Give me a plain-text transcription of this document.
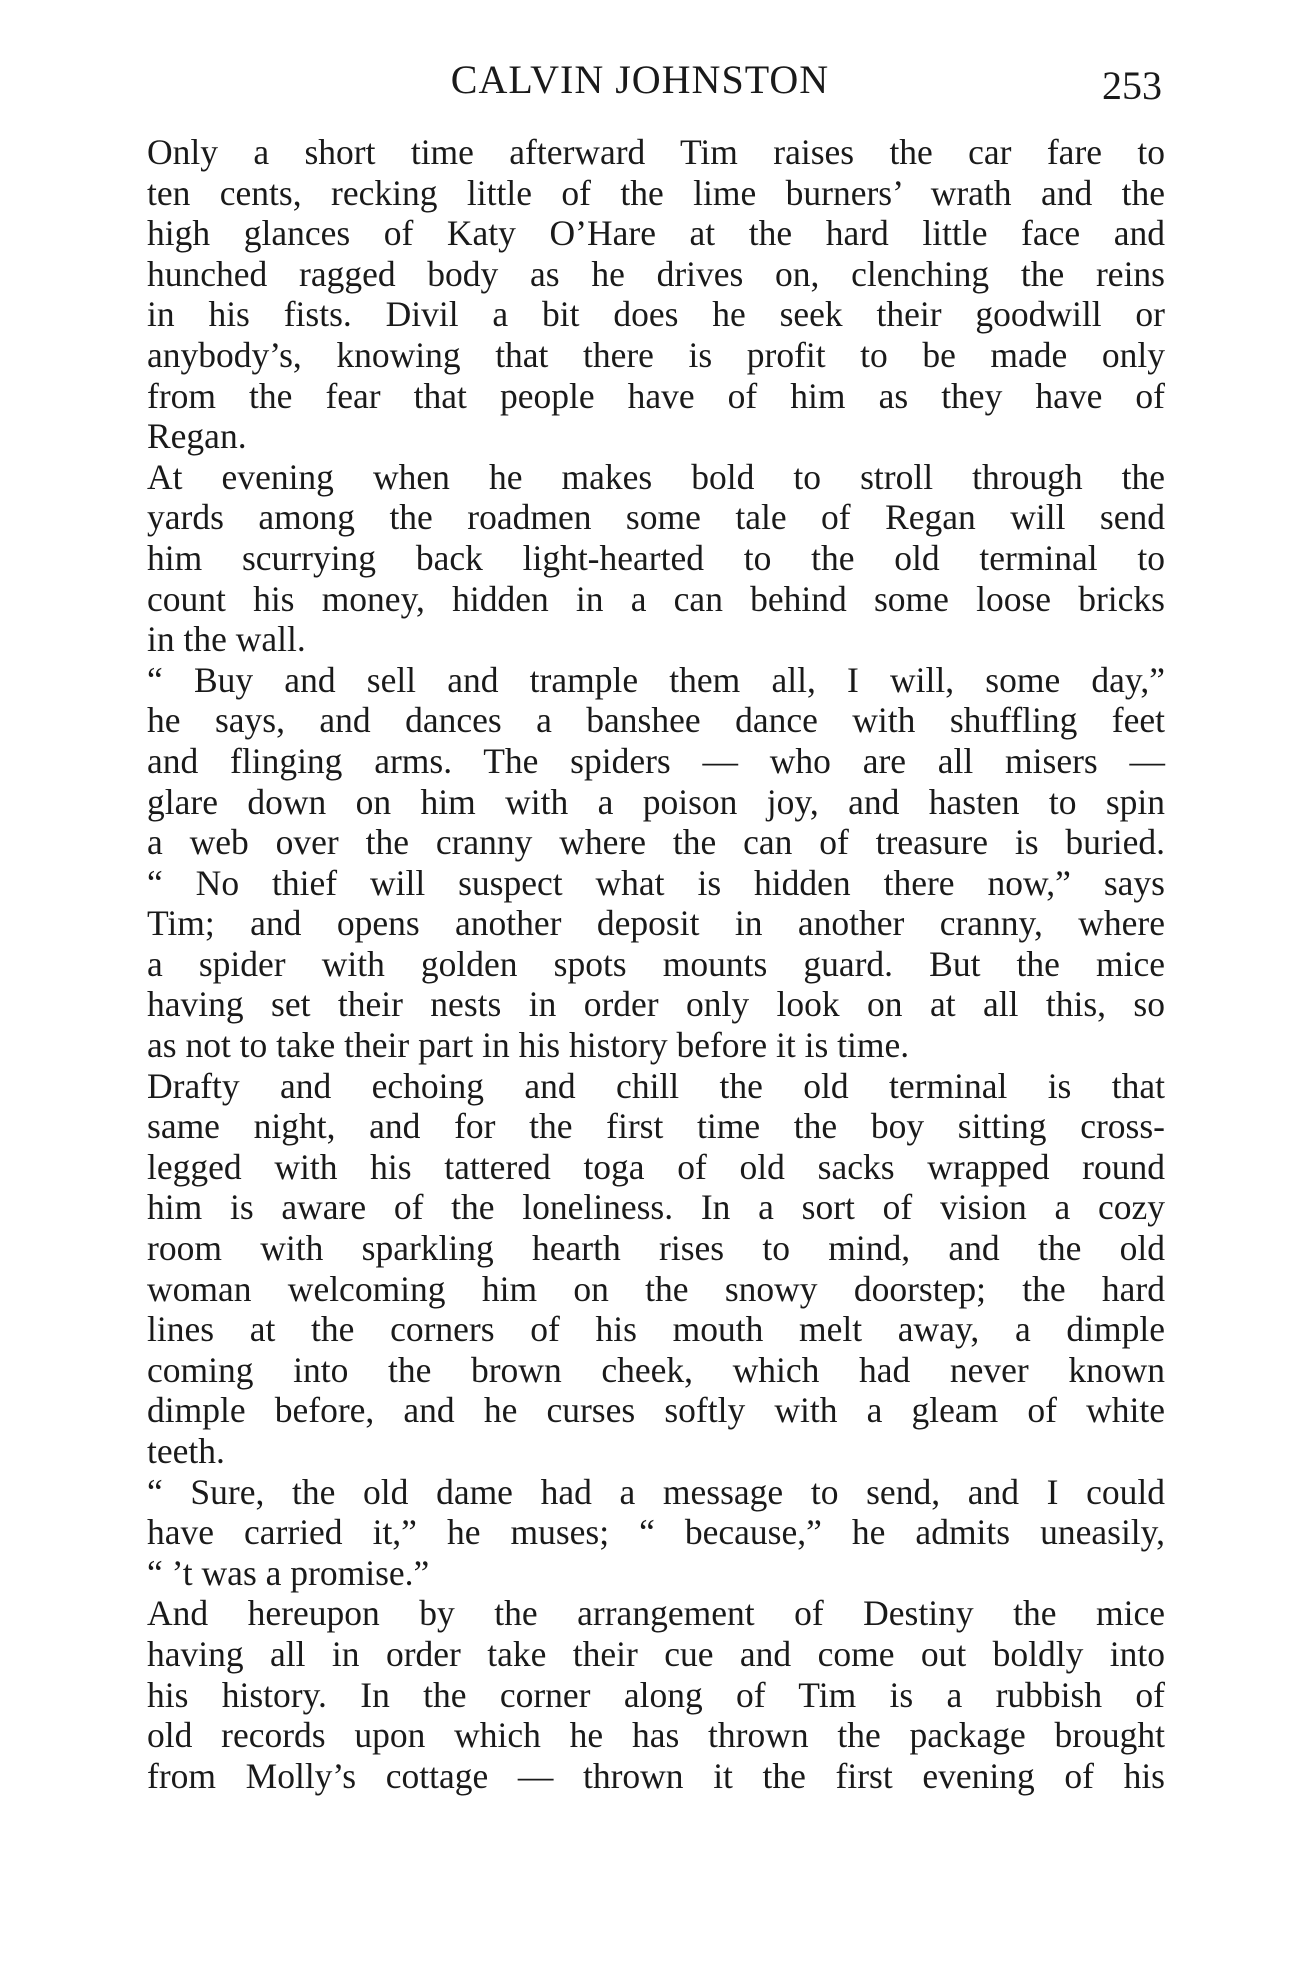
CALVIN JOHNSTON	253

Only a short time afterward Tim raises the car fare to
ten cents, recking little of the lime burners’ wrath and the
high glances of Katy O’Hare at the hard little face and
hunched ragged body as he drives on, clenching the reins
in his fists. Divil a bit does he seek their goodwill or
anybody’s, knowing that there is profit to be made only
from the fear that people have of him as they have of
Regan.

At evening when he makes bold to stroll through the
yards among the roadmen some tale of Regan will send
him scurrying back light-hearted to the old terminal to
count his money, hidden in a can behind some loose bricks
in the wall.

“ Buy and sell and trample them all, I will, some day,”
he says, and dances a banshee dance with shuffling feet
and flinging arms. The spiders — who are all misers —
glare down on him with a poison joy, and hasten to spin
a web over the cranny where the can of treasure is buried.
“ No thief will suspect what is hidden there now,” says
Tim; and opens another deposit in another cranny, where
a spider with golden spots mounts guard. But the mice
having set their nests in order only look on at all this, so
as not to take their part in his history before it is time.

Drafty and echoing and chill the old terminal is that
same night, and for the first time the boy sitting cross-
legged with his tattered toga of old sacks wrapped round
him is aware of the loneliness. In a sort of vision a cozy
room with sparkling hearth rises to mind, and the old
woman welcoming him on the snowy doorstep; the hard
lines at the corners of his mouth melt away, a dimple
coming into the brown cheek, which had never known
dimple before, and he curses softly with a gleam of white
teeth.

“ Sure, the old dame had a message to send, and I could
have carried it,” he muses; “ because,” he admits uneasily,
“ ’t was a promise.”

And hereupon by the arrangement of Destiny the mice
having all in order take their cue and come out boldly into
his history. In the corner along of Tim is a rubbish of
old records upon which he has thrown the package brought
from Molly’s cottage — thrown it the first evening of his
